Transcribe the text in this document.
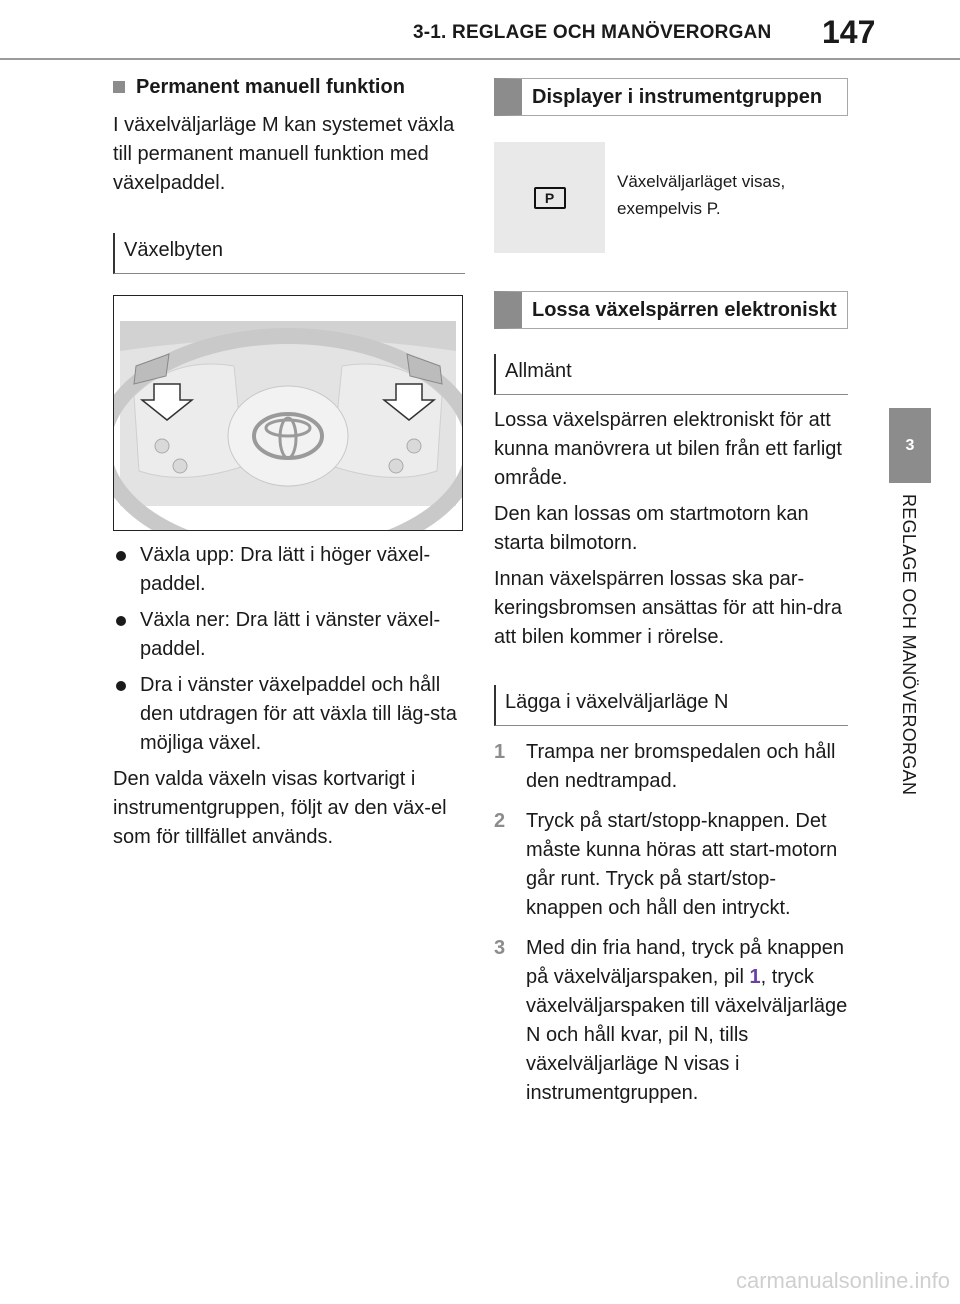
3-1. REGLAGE OCH MANÖVERORGAN 147
3
REGLAGE OCH MANÖVERORGAN
Permanent manuell funktion

I växelväljarläge M kan systemet växla till permanent manuell funktion med växelpaddel.

Växelbyten
Växla upp: Dra lätt i höger växel-paddel.
Växla ner: Dra lätt i vänster växel-paddel.
Dra i vänster växelpaddel och håll den utdragen för att växla till läg-sta möjliga växel.

Den valda växeln visas kortvarigt i instrumentgruppen, följt av den väx-el som för tillfället används.

Displayer i instrumentgruppen
P
Växelväljarläget visas, exempelvis P.
Lossa växelspärren elektroniskt
Allmänt

Lossa växelspärren elektroniskt för att kunna manövrera ut bilen från ett farligt område.

Den kan lossas om startmotorn kan starta bilmotorn.

Innan växelspärren lossas ska par-keringsbromsen ansättas för att hin-dra att bilen kommer i rörelse.

Lägga i växelväljarläge N
1 Trampa ner bromspedalen och håll den nedtrampad.
2 Tryck på start/stopp-knappen. Det måste kunna höras att start-motorn går runt. Tryck på start/stop-knappen och håll den intryckt.
3 Med din fria hand, tryck på knappen på växelväljarspaken, pil 1, tryck växelväljarspaken till växelväljarläge N och håll kvar, pil N, tills växelväljarläge N visas i instrumentgruppen.
carmanualsonline.info
